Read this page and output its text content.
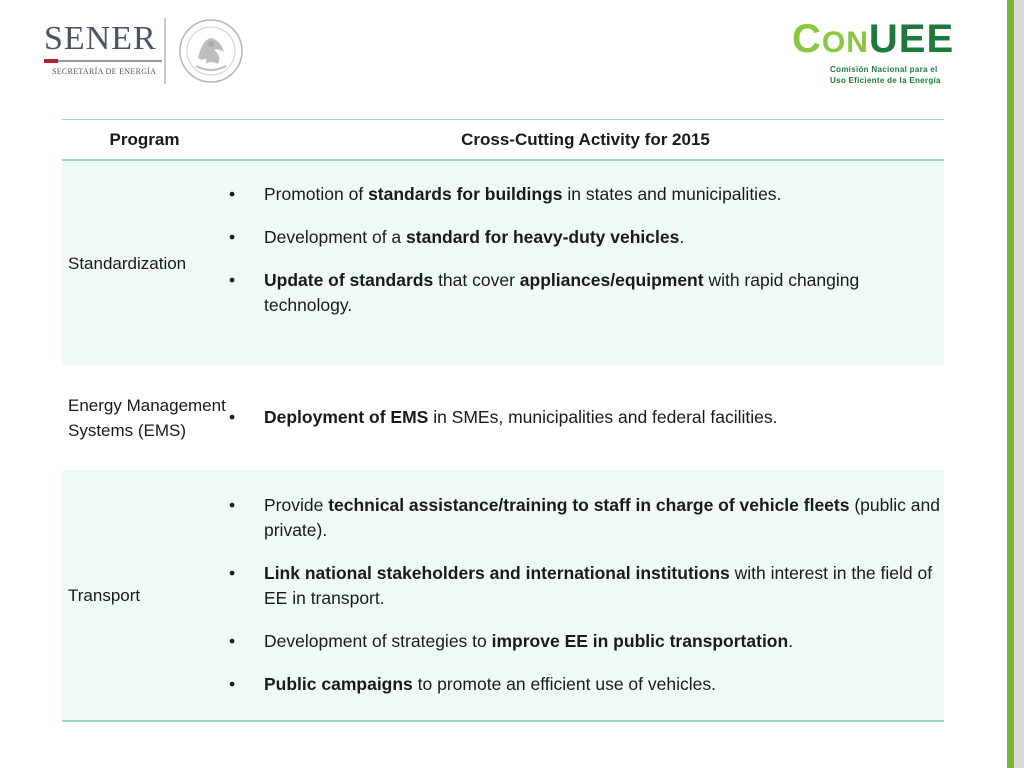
SENER
SECRETARÍA DE ENERGÍA
CONUEE
Comisión Nacional para el
Uso Eficiente de la Energía
Program	Cross-Cutting Activity for 2015
Standardization
• Promotion of standards for buildings in states and municipalities.
• Development of a standard for heavy-duty vehicles.
• Update of standards that cover appliances/equipment with rapid changing technology.
Energy Management Systems (EMS)
• Deployment of EMS in SMEs, municipalities and federal facilities.
Transport
• Provide technical assistance/training to staff in charge of vehicle fleets (public and private).
• Link national stakeholders and international institutions with interest in the field of EE in transport.
• Development of strategies to improve EE in public transportation.
• Public campaigns to promote an efficient use of vehicles.
